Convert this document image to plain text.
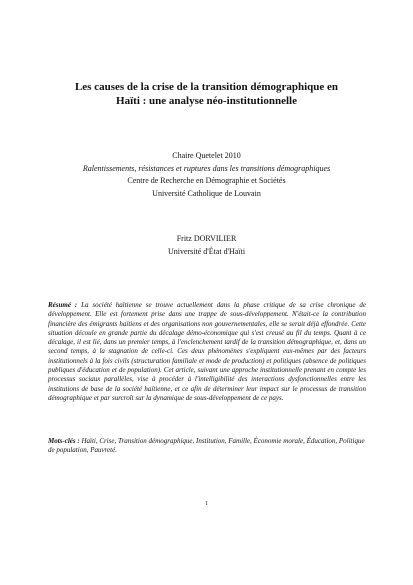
Les causes de la crise de la transition démographique en
Haïti : une analyse néo-institutionnelle
Chaire Quetelet 2010
Ralentissements, résistances et ruptures dans les transitions démographiques
Centre de Recherche en Démographie et Sociétés
Université Catholique de Louvain
Fritz DORVILIER
Université d'État d'Haïti
Résumé : La société haïtienne se trouve actuellement dans la phase critique de sa crise chronique de développement. Elle est fortement prise dans une trappe de sous-développement. N'était-ce la contribution financière des émigrants haïtiens et des organisations non gouvernementales, elle se serait déjà effondrée. Cette situation découle en grande partie du décalage démo-économique qui s'est creusé au fil du temps. Quant à ce décalage, il est lié, dans un premier temps, à l'enclenchement tardif de la transition démographique, et, dans un second temps, à la stagnation de celle-ci. Ces deux phénomènes s'expliquent eux-mêmes par des facteurs institutionnels à la fois civils (structuration familiale et mode de production) et politiques (absence de politiques publiques d'éducation et de population). Cet article, suivant une approche institutionnelle prenant en compte les processus sociaux parallèles, vise à procéder à l'intelligibilité des interactions dysfonctionnelles entre les institutions de base de la société haïtienne, et ce afin de déterminer leur impact sur le processus de transition démographique et par surcroît sur la dynamique de sous-développement de ce pays.
Mots-clés : Haïti, Crise, Transition démographique, Institution, Famille, Économie morale, Éducation, Politique de population, Pauvreté.
1
